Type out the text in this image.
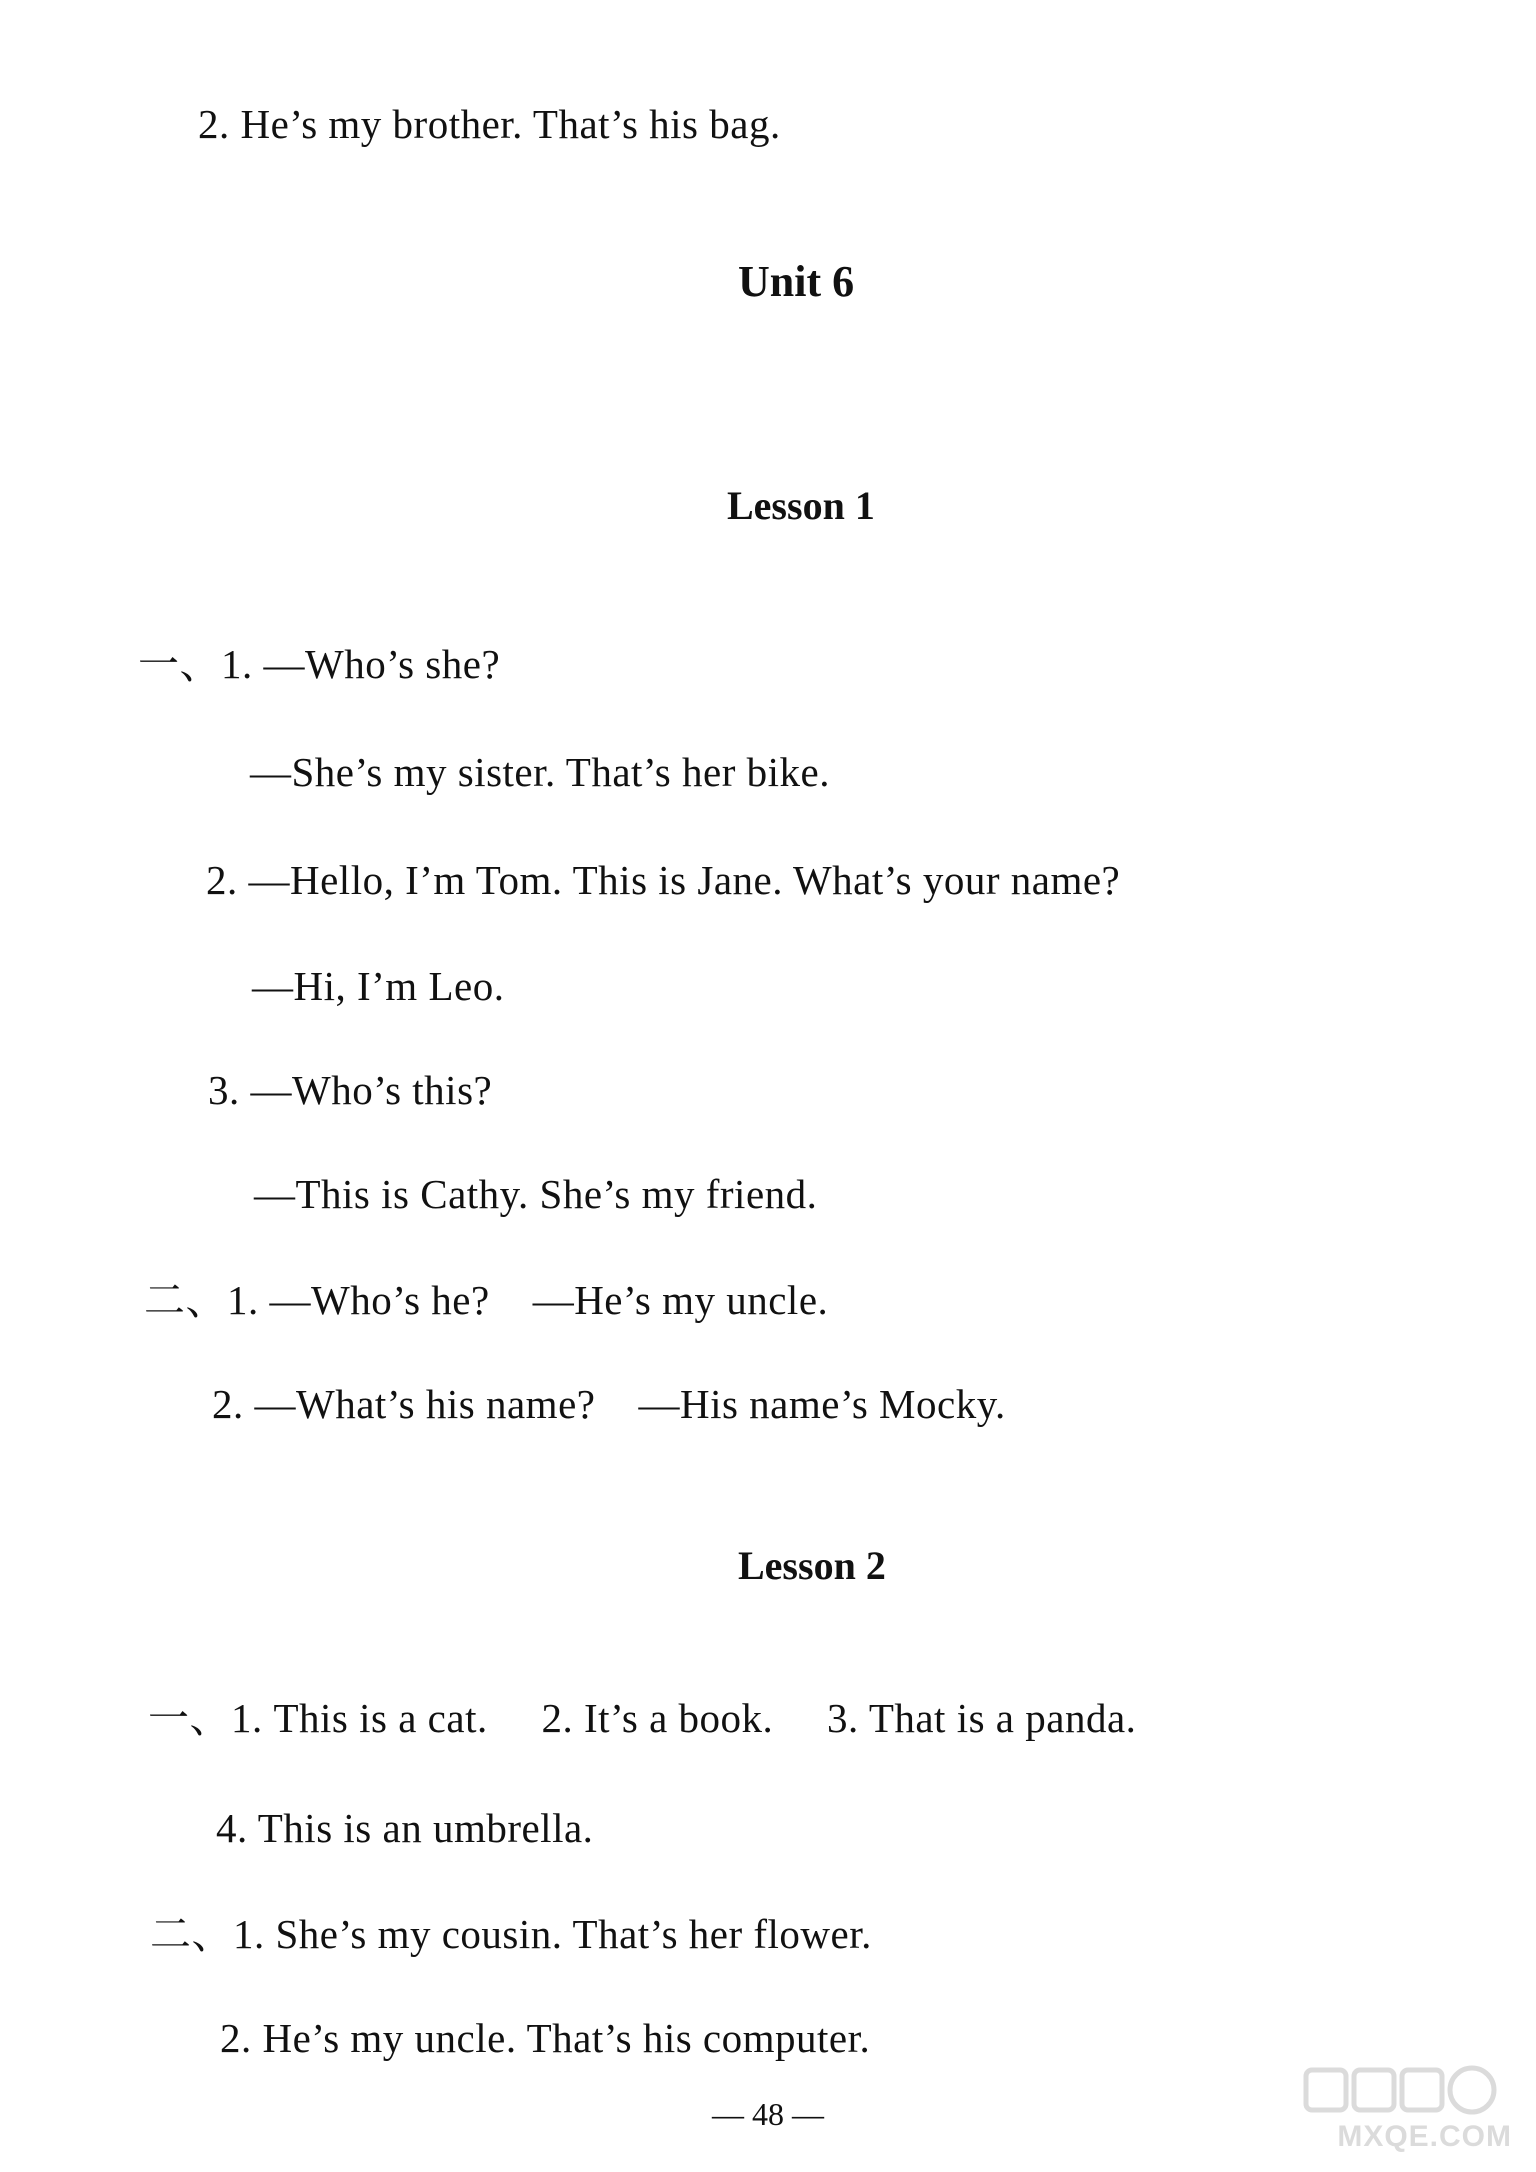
2. He’s my brother. That’s his bag.
Unit 6
Lesson 1
一、1. —Who’s she?
—She’s my sister. That’s her bike.
2. —Hello, I’m Tom. This is Jane. What’s your name?
—Hi, I’m Leo.
3. —Who’s this?
—This is Cathy. She’s my friend.
二、1. —Who’s he?    —He’s my uncle.
2. —What’s his name?    —His name’s Mocky.
Lesson 2
一、1. This is a cat.     2. It’s a book.     3. That is a panda.
4. This is an umbrella.
二、1. She’s my cousin. That’s her flower.
2. He’s my uncle. That’s his computer.
— 48 —
MXQE.COM
